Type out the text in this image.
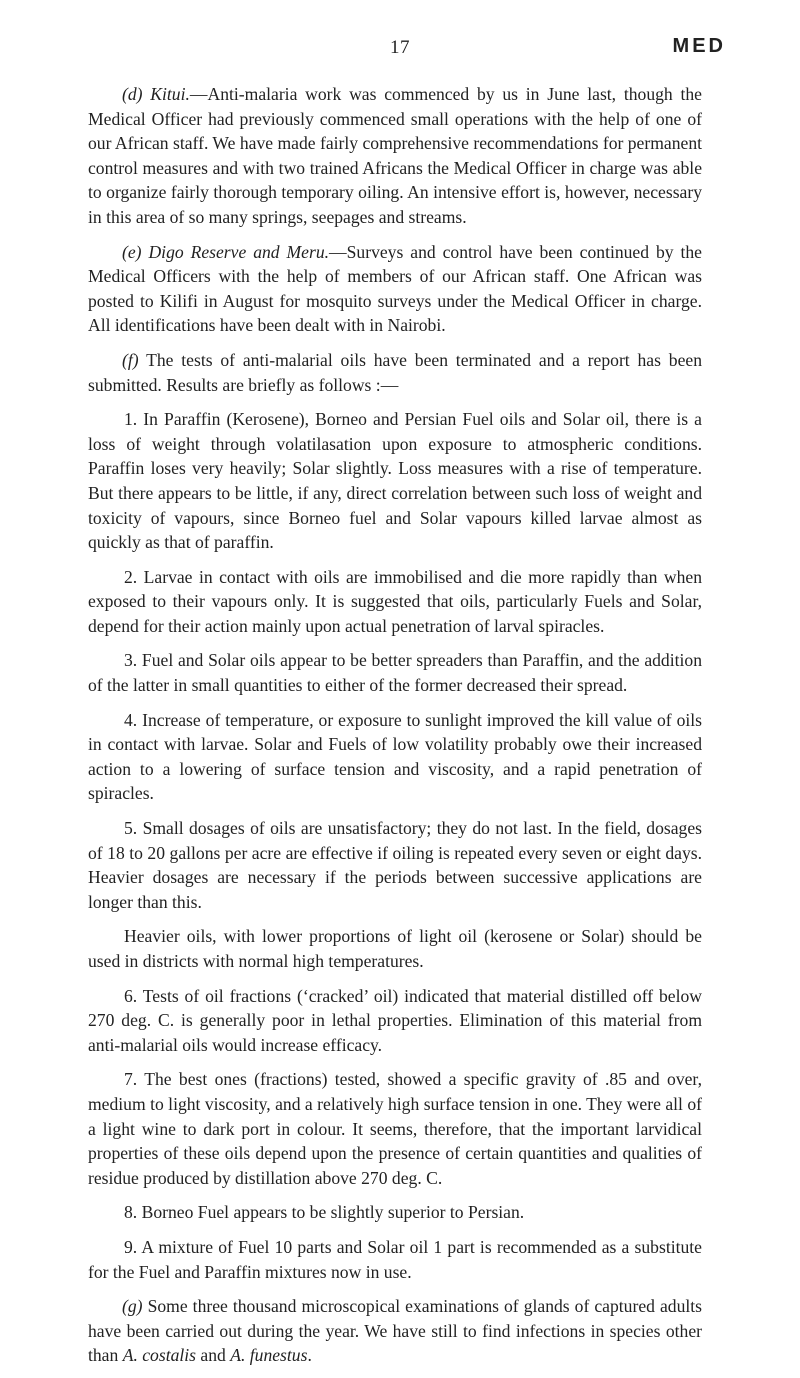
17	MED

(d) Kitui.—Anti-malaria work was commenced by us in June last, though the Medical Officer had previously commenced small operations with the help of one of our African staff. We have made fairly comprehensive recommendations for permanent control measures and with two trained Africans the Medical Officer in charge was able to organize fairly thorough temporary oiling. An intensive effort is, however, necessary in this area of so many springs, seepages and streams.

(e) Digo Reserve and Meru.—Surveys and control have been continued by the Medical Officers with the help of members of our African staff. One African was posted to Kilifi in August for mosquito surveys under the Medical Officer in charge. All identifications have been dealt with in Nairobi.

(f) The tests of anti-malarial oils have been terminated and a report has been submitted. Results are briefly as follows :—

1. In Paraffin (Kerosene), Borneo and Persian Fuel oils and Solar oil, there is a loss of weight through volatilasation upon exposure to atmospheric conditions. Paraffin loses very heavily; Solar slightly. Loss measures with a rise of temperature. But there appears to be little, if any, direct correlation between such loss of weight and toxicity of vapours, since Borneo fuel and Solar vapours killed larvae almost as quickly as that of paraffin.

2. Larvae in contact with oils are immobilised and die more rapidly than when exposed to their vapours only. It is suggested that oils, particularly Fuels and Solar, depend for their action mainly upon actual penetration of larval spiracles.

3. Fuel and Solar oils appear to be better spreaders than Paraffin, and the addition of the latter in small quantities to either of the former decreased their spread.

4. Increase of temperature, or exposure to sunlight improved the kill value of oils in contact with larvae. Solar and Fuels of low volatility probably owe their increased action to a lowering of surface tension and viscosity, and a rapid penetration of spiracles.

5. Small dosages of oils are unsatisfactory; they do not last. In the field, dosages of 18 to 20 gallons per acre are effective if oiling is repeated every seven or eight days. Heavier dosages are necessary if the periods between successive applications are longer than this.

Heavier oils, with lower proportions of light oil (kerosene or Solar) should be used in districts with normal high temperatures.

6. Tests of oil fractions (‘cracked’ oil) indicated that material distilled off below 270 deg. C. is generally poor in lethal properties. Elimination of this material from anti-malarial oils would increase efficacy.

7. The best ones (fractions) tested, showed a specific gravity of .85 and over, medium to light viscosity, and a relatively high surface tension in one. They were all of a light wine to dark port in colour. It seems, therefore, that the important larvidical properties of these oils depend upon the presence of certain quantities and qualities of residue produced by distillation above 270 deg. C.

8. Borneo Fuel appears to be slightly superior to Persian.

9. A mixture of Fuel 10 parts and Solar oil 1 part is recommended as a substitute for the Fuel and Paraffin mixtures now in use.

(g) Some three thousand microscopical examinations of glands of captured adults have been carried out during the year. We have still to find infections in species other than A. costalis and A. funestus.
